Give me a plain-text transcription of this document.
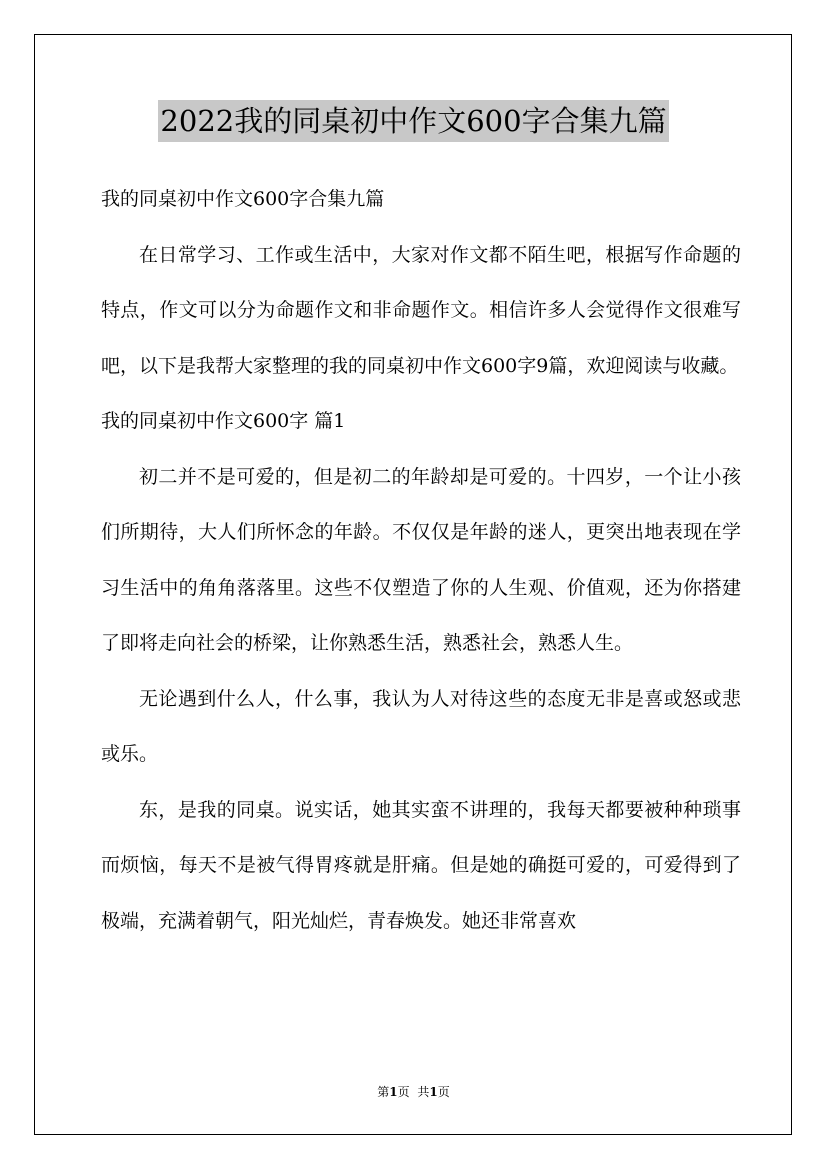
2022我的同桌初中作文600字合集九篇

我的同桌初中作文600字合集九篇

在日常学习、工作或生活中，大家对作文都不陌生吧，根据写作命题的特点，作文可以分为命题作文和非命题作文。相信许多人会觉得作文很难写吧，以下是我帮大家整理的我的同桌初中作文600字9篇，欢迎阅读与收藏。

我的同桌初中作文600字 篇1

初二并不是可爱的，但是初二的年龄却是可爱的。十四岁，一个让小孩们所期待，大人们所怀念的年龄。不仅仅是年龄的迷人，更突出地表现在学习生活中的角角落落里。这些不仅塑造了你的人生观、价值观，还为你搭建了即将走向社会的桥梁，让你熟悉生活，熟悉社会，熟悉人生。

无论遇到什么人，什么事，我认为人对待这些的态度无非是喜或怒或悲或乐。

东，是我的同桌。说实话，她其实蛮不讲理的，我每天都要被种种琐事而烦恼，每天不是被气得胃疼就是肝痛。但是她的确挺可爱的，可爱得到了极端，充满着朝气，阳光灿烂，青春焕发。她还非常喜欢

第1页 共1页
